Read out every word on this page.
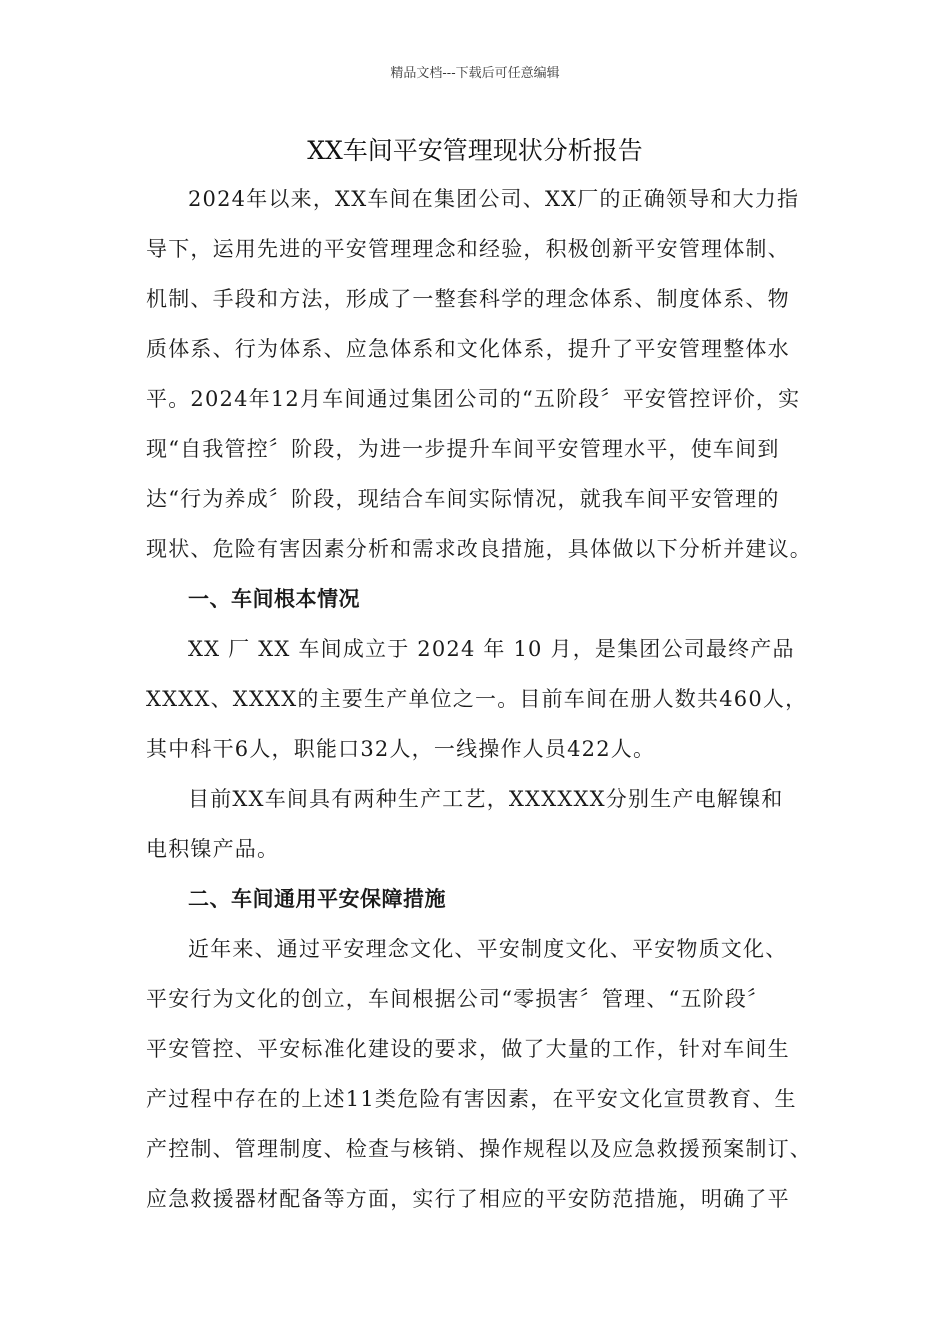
精品文档---下载后可任意编辑
XX车间平安管理现状分析报告
2024年以来，XX车间在集团公司、XX厂的正确领导和大力指
导下，运用先进的平安管理理念和经验，积极创新平安管理体制、
机制、手段和方法，形成了一整套科学的理念体系、制度体系、物
质体系、行为体系、应急体系和文化体系，提升了平安管理整体水
平。2024年12月车间通过集团公司的“五阶段〞平安管控评价，实
现“自我管控〞阶段，为进一步提升车间平安管理水平，使车间到
达“行为养成〞阶段，现结合车间实际情况，就我车间平安管理的
现状、危险有害因素分析和需求改良措施，具体做以下分析并建议。
一、车间根本情况
XX 厂 XX 车间成立于 2024 年 10 月，是集团公司最终产品
XXXX、XXXX的主要生产单位之一。目前车间在册人数共460人，
其中科干6人，职能口32人，一线操作人员422人。
目前XX车间具有两种生产工艺，XXXXXX分别生产电解镍和
电积镍产品。
二、车间通用平安保障措施
近年来、通过平安理念文化、平安制度文化、平安物质文化、
平安行为文化的创立，车间根据公司“零损害〞管理、“五阶段〞
平安管控、平安标准化建设的要求，做了大量的工作，针对车间生
产过程中存在的上述11类危险有害因素，在平安文化宣贯教育、生
产控制、管理制度、检查与核销、操作规程以及应急救援预案制订、
应急救援器材配备等方面，实行了相应的平安防范措施，明确了平
